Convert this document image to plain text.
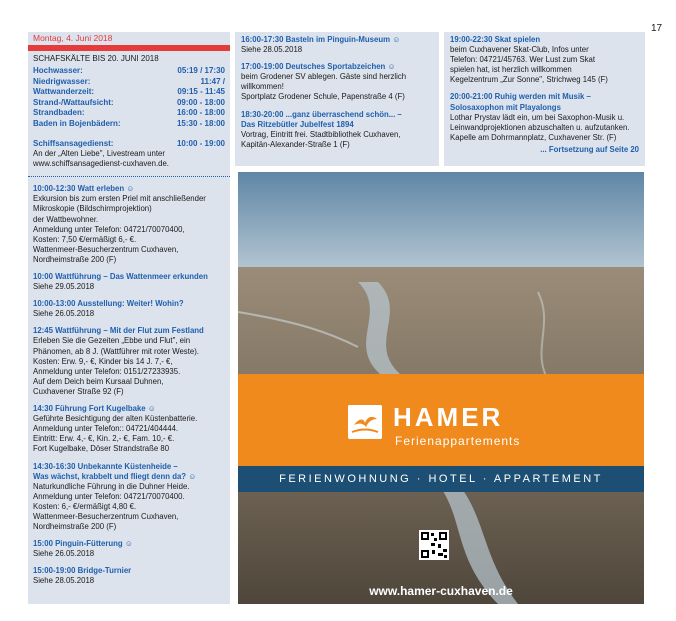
17
Montag, 4. Juni 2018
SCHAFSKÄLTE BIS 20. JUNI 2018
Hochwasser:	05:19 / 17:30
Niedrigwasser:	11:47 /
Wattwanderzeit:	09:15 - 11:45
Strand-/Wattaufsicht:	09:00 - 18:00
Strandbaden:	16:00 - 18:00
Baden in Bojenbädern:	15:30 - 18:00
Schiffsansagedienst:	10:00 - 19:00
An der „Alten Liebe", Livestream unter
www.schiffsansagedienst-cuxhaven.de.
10:00-12:30 Watt erleben ☺
Exkursion bis zum ersten Priel mit anschließender
Mikroskopie (Bildschirmprojektion)
der Wattbewohner.
Anmeldung unter Telefon: 04721/70070400,
Kosten: 7,50 €/ermäßigt 6,- €.
Wattenmeer-Besucherzentrum Cuxhaven,
Nordheimstraße 200 (F)
10:00 Wattführung – Das Wattenmeer erkunden
Siehe 29.05.2018
10:00-13:00 Ausstellung: Weiter! Wohin?
Siehe 26.05.2018
12:45 Wattführung – Mit der Flut zum Festland
Erleben Sie die Gezeiten „Ebbe und Flut", ein
Phänomen, ab 8 J. (Wattführer mit roter Weste).
Kosten: Erw. 9,- €, Kinder bis 14 J. 7,- €,
Anmeldung unter Telefon: 0151/27233935.
Auf dem Deich beim Kursaal Duhnen,
Cuxhavener Straße 92 (F)
14:30 Führung Fort Kugelbake ☺
Geführte Besichtigung der alten Küstenbatterie.
Anmeldung unter Telefon:: 04721/404444.
Eintritt: Erw. 4,- €, Kin. 2,- €, Fam. 10,- €.
Fort Kugelbake, Döser Strandstraße 80
14:30-16:30 Unbekannte Küstenheide –
Was wächst, krabbelt und fliegt denn da? ☺
Naturkundliche Führung in die Duhner Heide.
Anmeldung unter Telefon: 04721/70070400.
Kosten: 6,- €/ermäßigt 4,80 €.
Wattenmeer-Besucherzentrum Cuxhaven,
Nordheimstraße 200 (F)
15:00 Pinguin-Fütterung ☺
Siehe 26.05.2018
15:00-19:00 Bridge-Turnier
Siehe 28.05.2018
16:00-17:30 Basteln im Pinguin-Museum ☺
Siehe 28.05.2018
17:00-19:00 Deutsches Sportabzeichen ☺
beim Grodener SV ablegen. Gäste sind herzlich
willkommen!
Sportplatz Grodener Schule, Papenstraße 4 (F)
18:30-20:00 ...ganz überraschend schön... –
Das Ritzebütler Jubelfest 1894
Vortrag, Eintritt frei. Stadtbibliothek Cuxhaven,
Kapitän-Alexander-Straße 1 (F)
19:00-22:30 Skat spielen
beim Cuxhavener Skat-Club, Infos unter
Telefon: 04721/45763. Wer Lust zum Skat
spielen hat, ist herzlich willkommen
Kegelzentrum „Zur Sonne", Strichweg 145 (F)
20:00-21:00 Ruhig werden mit Musik –
Solosaxophon mit Playalongs
Lothar Prystav lädt ein, um bei Saxophon-Musik u.
Leinwandprojektionen abzuschalten u. aufzutanken.
Kapelle am Dohrmannplatz, Cuxhavener Str. (F)
... Fortsetzung auf Seite 20
HAMER
Ferienappartements
FERIENWOHNUNG · HOTEL · APPARTEMENT
www.hamer-cuxhaven.de
